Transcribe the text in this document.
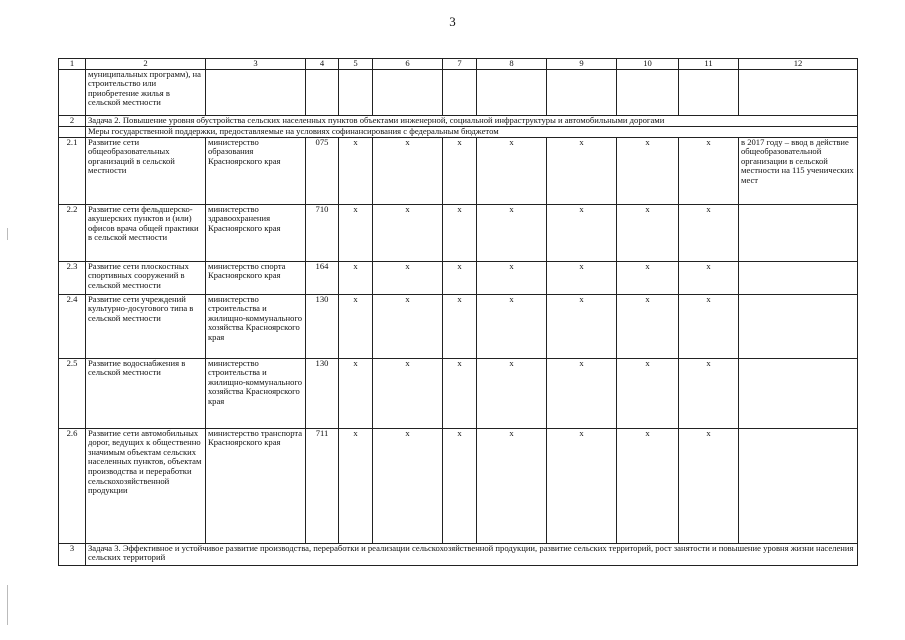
3
1	2	3	4	5	6	7	8	9	10	11	12
	муниципальных программ), на строительство или приобретение жилья в сельской местности										
2	Задача 2. Повышение уровня обустройства сельских населенных пунктов объектами инженерной, социальной инфраструктуры и автомобильными дорогами										
	Меры государственной поддержки, предоставляемые на условиях софинансирования с федеральным бюджетом										
2.1	Развитие сети общеобразовательных организаций в сельской местности	министерство образования Красноярского края	075	x	x	x	x	x	x	x	в 2017 году – ввод в действие общеобразовательной организации в сельской местности на 115 ученических мест
2.2	Развитие сети фельдшерско-акушерских пунктов и (или) офисов врача общей практики в сельской местности	министерство здравоохранения Красноярского края	710	x	x	x	x	x	x	x	
2.3	Развитие сети плоскостных спортивных сооружений в сельской местности	министерство спорта Красноярского края	164	x	x	x	x	x	x	x	
2.4	Развитие сети учреждений культурно-досугового типа в сельской местности	министерство строительства и жилищно-коммунального хозяйства Красноярского края	130	x	x	x	x	x	x	x	
2.5	Развитие водоснабжения в сельской местности	министерство строительства и жилищно-коммунального хозяйства Красноярского края	130	x	x	x	x	x	x	x	
2.6	Развитие сети автомобильных дорог, ведущих к общественно значимым объектам сельских населенных пунктов, объектам производства и переработки сельскохозяйственной продукции	министерство транспорта Красноярского края	711	x	x	x	x	x	x	x	
3	Задача 3. Эффективное и устойчивое развитие производства, переработки и реализации сельскохозяйственной продукции, развитие сельских территорий, рост занятости и повышение уровня жизни населения сельских территорий										
